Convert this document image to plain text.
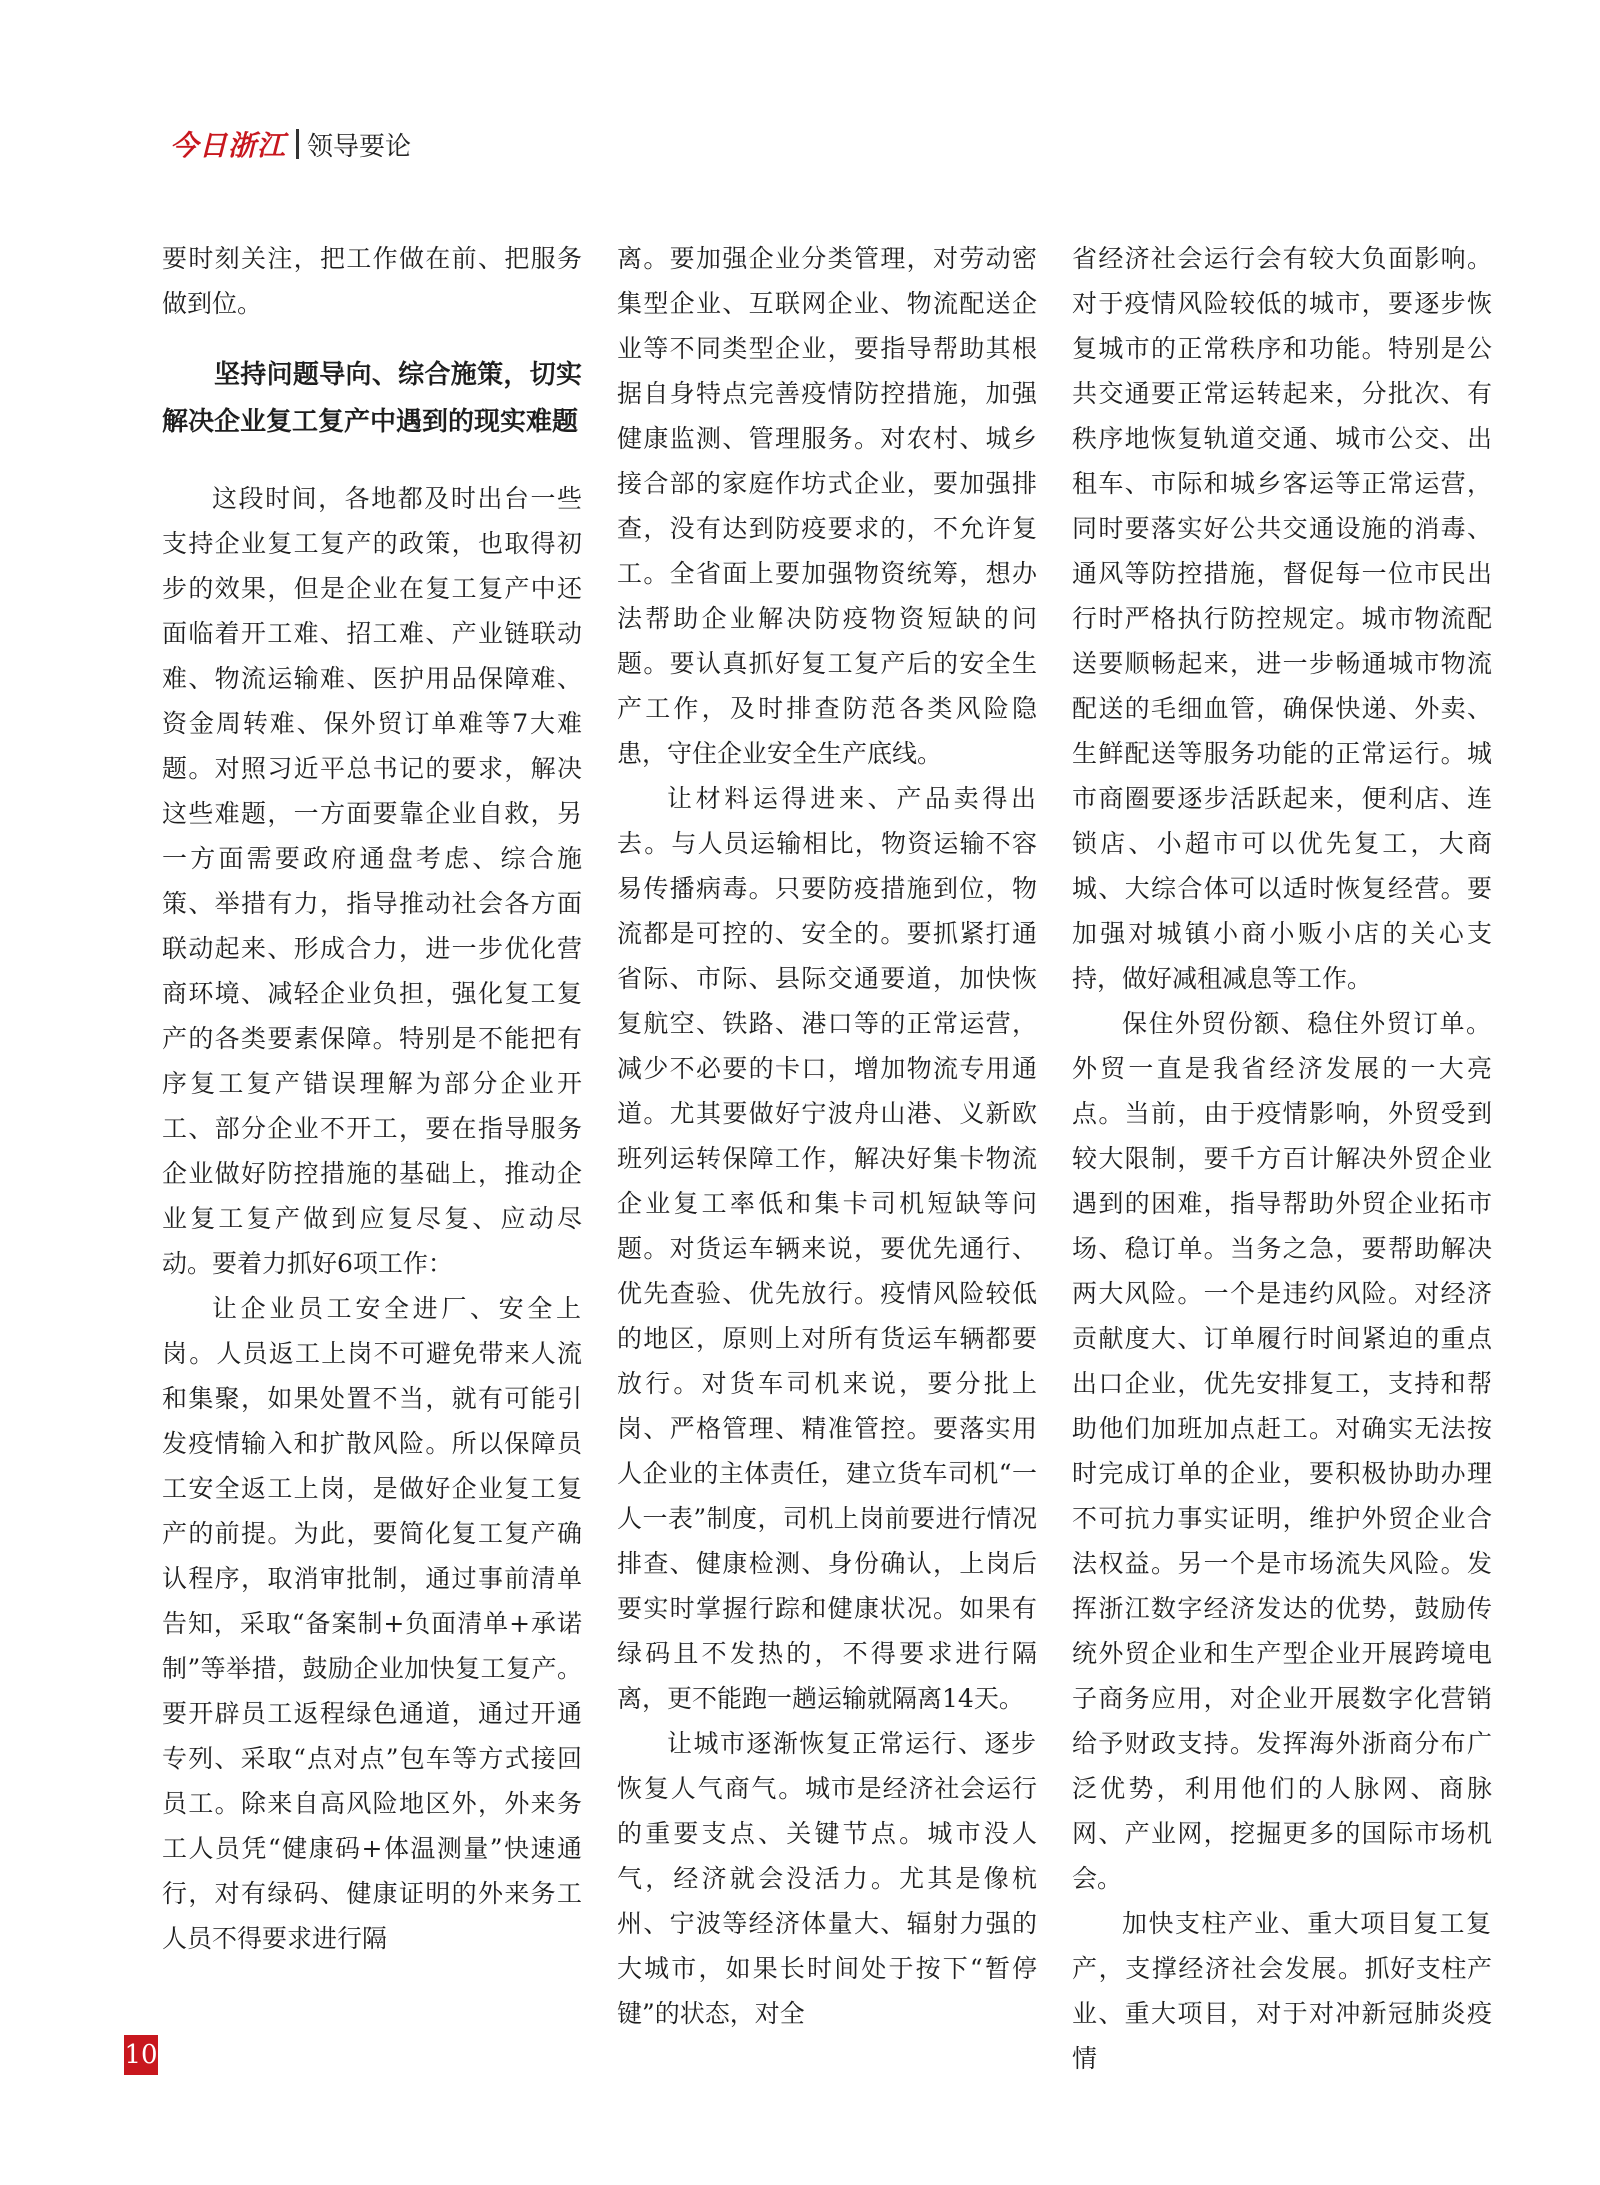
今日浙江 领导要论

要时刻关注，把工作做在前、把服务做到位。

坚持问题导向、综合施策，切实解决企业复工复产中遇到的现实难题

这段时间，各地都及时出台一些支持企业复工复产的政策，也取得初步的效果，但是企业在复工复产中还面临着开工难、招工难、产业链联动难、物流运输难、医护用品保障难、资金周转难、保外贸订单难等7大难题。对照习近平总书记的要求，解决这些难题，一方面要靠企业自救，另一方面需要政府通盘考虑、综合施策、举措有力，指导推动社会各方面联动起来、形成合力，进一步优化营商环境、减轻企业负担，强化复工复产的各类要素保障。特别是不能把有序复工复产错误理解为部分企业开工、部分企业不开工，要在指导服务企业做好防控措施的基础上，推动企业复工复产做到应复尽复、应动尽动。要着力抓好6项工作：

让企业员工安全进厂、安全上岗。人员返工上岗不可避免带来人流和集聚，如果处置不当，就有可能引发疫情输入和扩散风险。所以保障员工安全返工上岗，是做好企业复工复产的前提。为此，要简化复工复产确认程序，取消审批制，通过事前清单告知，采取“备案制+负面清单+承诺制”等举措，鼓励企业加快复工复产。要开辟员工返程绿色通道，通过开通专列、采取“点对点”包车等方式接回员工。除来自高风险地区外，外来务工人员凭“健康码+体温测量”快速通行，对有绿码、健康证明的外来务工人员不得要求进行隔

离。要加强企业分类管理，对劳动密集型企业、互联网企业、物流配送企业等不同类型企业，要指导帮助其根据自身特点完善疫情防控措施，加强健康监测、管理服务。对农村、城乡接合部的家庭作坊式企业，要加强排查，没有达到防疫要求的，不允许复工。全省面上要加强物资统筹，想办法帮助企业解决防疫物资短缺的问题。要认真抓好复工复产后的安全生产工作，及时排查防范各类风险隐患，守住企业安全生产底线。

让材料运得进来、产品卖得出去。与人员运输相比，物资运输不容易传播病毒。只要防疫措施到位，物流都是可控的、安全的。要抓紧打通省际、市际、县际交通要道，加快恢复航空、铁路、港口等的正常运营，减少不必要的卡口，增加物流专用通道。尤其要做好宁波舟山港、义新欧班列运转保障工作，解决好集卡物流企业复工率低和集卡司机短缺等问题。对货运车辆来说，要优先通行、优先查验、优先放行。疫情风险较低的地区，原则上对所有货运车辆都要放行。对货车司机来说，要分批上岗、严格管理、精准管控。要落实用人企业的主体责任，建立货车司机“一人一表”制度，司机上岗前要进行情况排查、健康检测、身份确认，上岗后要实时掌握行踪和健康状况。如果有绿码且不发热的，不得要求进行隔离，更不能跑一趟运输就隔离14天。

让城市逐渐恢复正常运行、逐步恢复人气商气。城市是经济社会运行的重要支点、关键节点。城市没人气，经济就会没活力。尤其是像杭州、宁波等经济体量大、辐射力强的大城市，如果长时间处于按下“暂停键”的状态，对全

省经济社会运行会有较大负面影响。对于疫情风险较低的城市，要逐步恢复城市的正常秩序和功能。特别是公共交通要正常运转起来，分批次、有秩序地恢复轨道交通、城市公交、出租车、市际和城乡客运等正常运营，同时要落实好公共交通设施的消毒、通风等防控措施，督促每一位市民出行时严格执行防控规定。城市物流配送要顺畅起来，进一步畅通城市物流配送的毛细血管，确保快递、外卖、生鲜配送等服务功能的正常运行。城市商圈要逐步活跃起来，便利店、连锁店、小超市可以优先复工，大商城、大综合体可以适时恢复经营。要加强对城镇小商小贩小店的关心支持，做好减租减息等工作。

保住外贸份额、稳住外贸订单。外贸一直是我省经济发展的一大亮点。当前，由于疫情影响，外贸受到较大限制，要千方百计解决外贸企业遇到的困难，指导帮助外贸企业拓市场、稳订单。当务之急，要帮助解决两大风险。一个是违约风险。对经济贡献度大、订单履行时间紧迫的重点出口企业，优先安排复工，支持和帮助他们加班加点赶工。对确实无法按时完成订单的企业，要积极协助办理不可抗力事实证明，维护外贸企业合法权益。另一个是市场流失风险。发挥浙江数字经济发达的优势，鼓励传统外贸企业和生产型企业开展跨境电子商务应用，对企业开展数字化营销给予财政支持。发挥海外浙商分布广泛优势，利用他们的人脉网、商脉网、产业网，挖掘更多的国际市场机会。

加快支柱产业、重大项目复工复产，支撑经济社会发展。抓好支柱产业、重大项目，对于对冲新冠肺炎疫情

10
